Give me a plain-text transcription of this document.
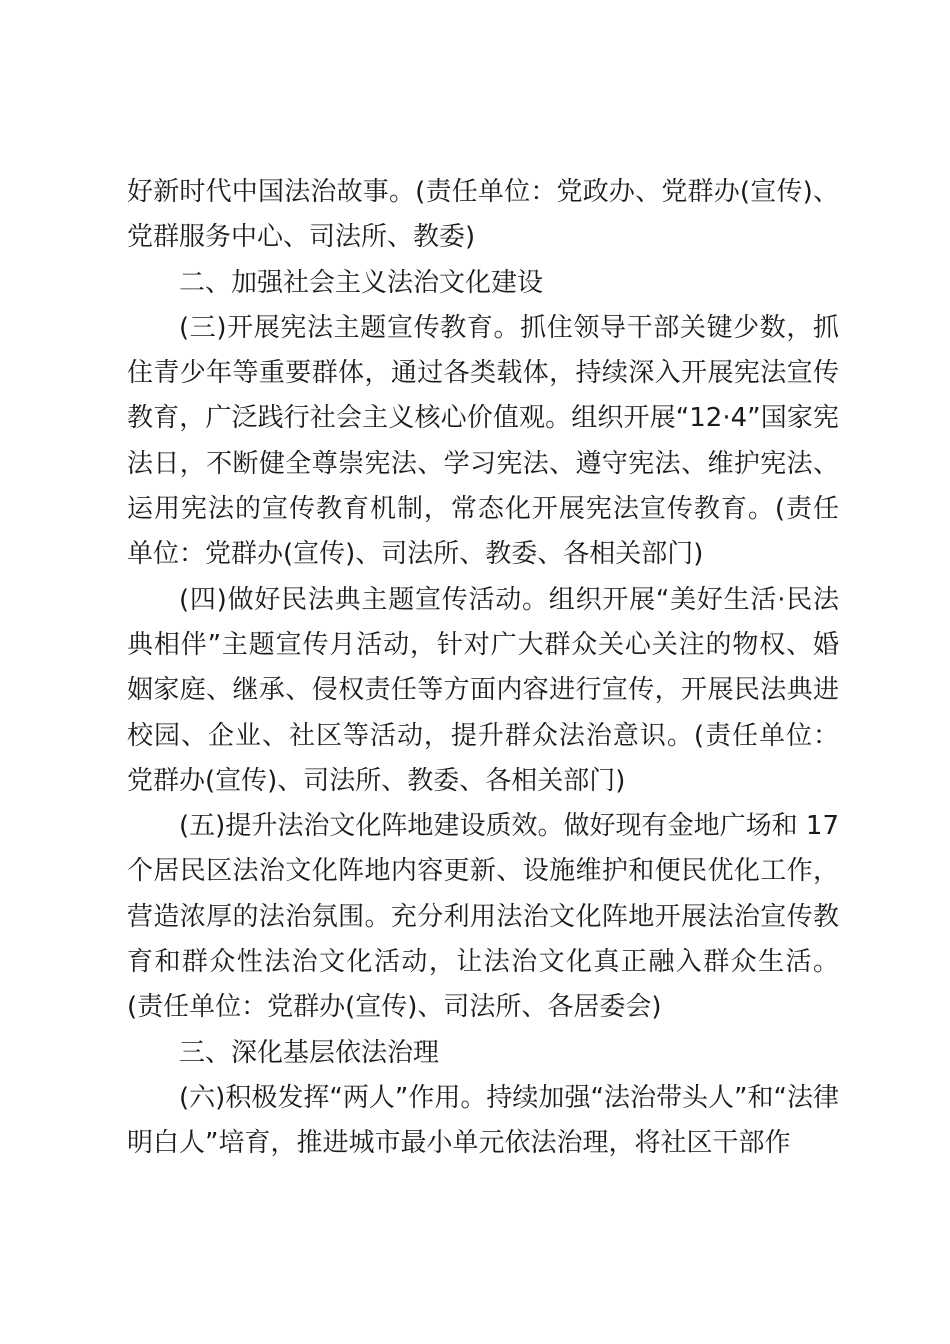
好新时代中国法治故事。(责任单位：党政办、党群办(宣传)、党群服务中心、司法所、教委)

二、加强社会主义法治文化建设

(三)开展宪法主题宣传教育。抓住领导干部关键少数，抓住青少年等重要群体，通过各类载体，持续深入开展宪法宣传教育，广泛践行社会主义核心价值观。组织开展“12·4”国家宪法日，不断健全尊崇宪法、学习宪法、遵守宪法、维护宪法、运用宪法的宣传教育机制，常态化开展宪法宣传教育。(责任单位：党群办(宣传)、司法所、教委、各相关部门)

(四)做好民法典主题宣传活动。组织开展“美好生活·民法典相伴”主题宣传月活动，针对广大群众关心关注的物权、婚姻家庭、继承、侵权责任等方面内容进行宣传，开展民法典进校园、企业、社区等活动，提升群众法治意识。(责任单位：党群办(宣传)、司法所、教委、各相关部门)

(五)提升法治文化阵地建设质效。做好现有金地广场和 17 个居民区法治文化阵地内容更新、设施维护和便民优化工作，营造浓厚的法治氛围。充分利用法治文化阵地开展法治宣传教育和群众性法治文化活动，让法治文化真正融入群众生活。(责任单位：党群办(宣传)、司法所、各居委会)

三、深化基层依法治理

(六)积极发挥“两人”作用。持续加强“法治带头人”和“法律明白人”培育，推进城市最小单元依法治理，将社区干部作
